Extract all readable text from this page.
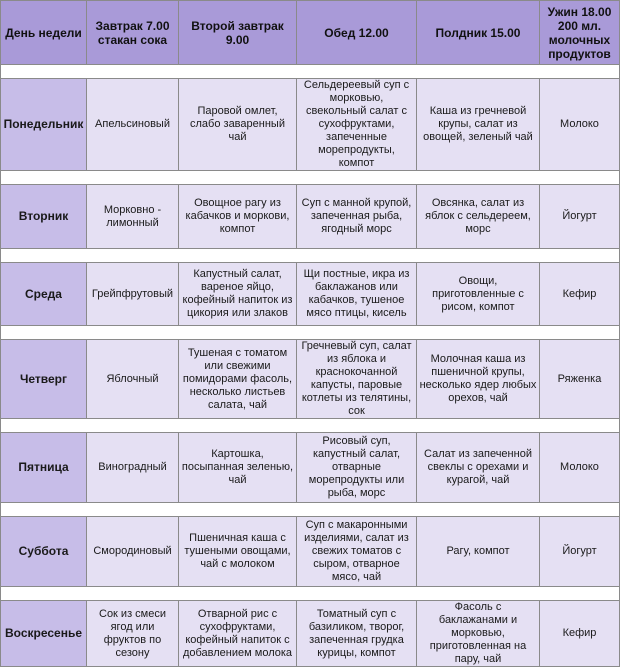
День недели	Завтрак 7.00 стакан сока	Второй завтрак 9.00	Обед 12.00	Полдник 15.00	Ужин 18.00 200 мл. молочных продуктов

Понедельник	Апельсиновый	Паровой омлет, слабо заваренный чай	Сельдереевый суп с морковью, свекольный салат с сухофруктами, запеченные морепродукты, компот	Каша из гречневой крупы, салат из овощей, зеленый чай	Молоко

Вторник	Морковно - лимонный	Овощное рагу из кабачков и моркови, компот	Суп с манной крупой, запеченная рыба, ягодный морс	Овсянка, салат из яблок с сельдереем, морс	Йогурт

Среда	Грейпфрутовый	Капустный салат, вареное яйцо, кофейный напиток из цикория или злаков	Щи постные, икра из баклажанов или кабачков, тушеное мясо птицы, кисель	Овощи, приготовленные с рисом, компот	Кефир

Четверг	Яблочный	Тушеная с томатом или свежими помидорами фасоль, несколько листьев салата, чай	Гречневый суп, салат из яблока и краснокочанной капусты, паровые котлеты из телятины, сок	Молочная каша из пшеничной крупы, несколько ядер любых орехов, чай	Ряженка

Пятница	Виноградный	Картошка, посыпанная зеленью, чай	Рисовый суп, капустный салат, отварные морепродукты или рыба, морс	Салат из запеченной свеклы с орехами и курагой, чай	Молоко

Суббота	Смородиновый	Пшеничная каша с тушеными овощами, чай с молоком	Суп с макаронными изделиями, салат из свежих томатов с сыром, отварное мясо, чай	Рагу, компот	Йогурт

Воскресенье	Сок из смеси ягод или фруктов по сезону	Отварной рис с сухофруктами, кофейный напиток с добавлением молока	Томатный суп с базиликом, творог, запеченная грудка курицы, компот	Фасоль с баклажанами и морковью, приготовленная на пару, чай	Кефир
